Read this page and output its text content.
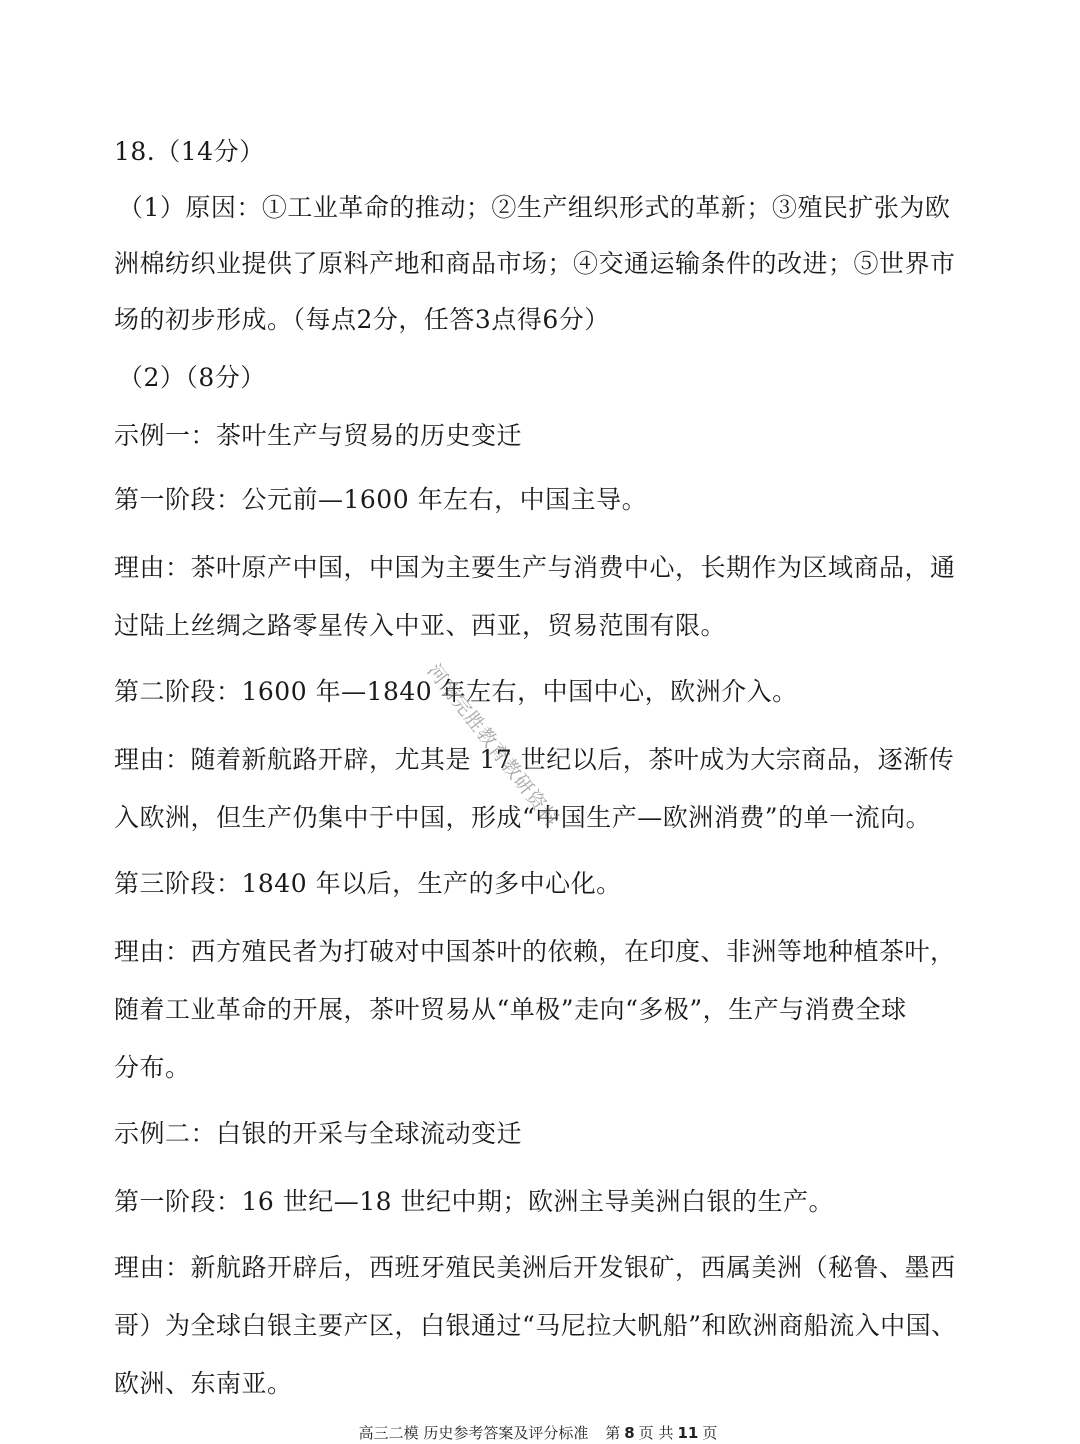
18.（14分）
（1）原因：①工业革命的推动；②生产组织形式的革新；③殖民扩张为欧
洲棉纺织业提供了原料产地和商品市场；④交通运输条件的改进；⑤世界市
场的初步形成。（每点2分，任答3点得6分）
（2）（8分）
示例一：茶叶生产与贸易的历史变迁
第一阶段：公元前—1600 年左右，中国主导。
理由：茶叶原产中国，中国为主要生产与消费中心，长期作为区域商品，通
过陆上丝绸之路零星传入中亚、西亚，贸易范围有限。
第二阶段：1600 年—1840 年左右，中国中心，欧洲介入。
理由：随着新航路开辟，尤其是 17 世纪以后，茶叶成为大宗商品，逐渐传
入欧洲，但生产仍集中于中国，形成“中国生产—欧洲消费”的单一流向。
第三阶段：1840 年以后，生产的多中心化。
理由：西方殖民者为打破对中国茶叶的依赖，在印度、非洲等地种植茶叶，
随着工业革命的开展，茶叶贸易从“单极”走向“多极”，生产与消费全球
分布。
示例二：白银的开采与全球流动变迁
第一阶段：16 世纪—18 世纪中期；欧洲主导美洲白银的生产。
理由：新航路开辟后，西班牙殖民美洲后开发银矿，西属美洲（秘鲁、墨西
哥）为全球白银主要产区，白银通过“马尼拉大帆船”和欧洲商船流入中国、
欧洲、东南亚。
河南完胜教育教研资料
高三二模 历史参考答案及评分标准 第 8 页 共 11 页
